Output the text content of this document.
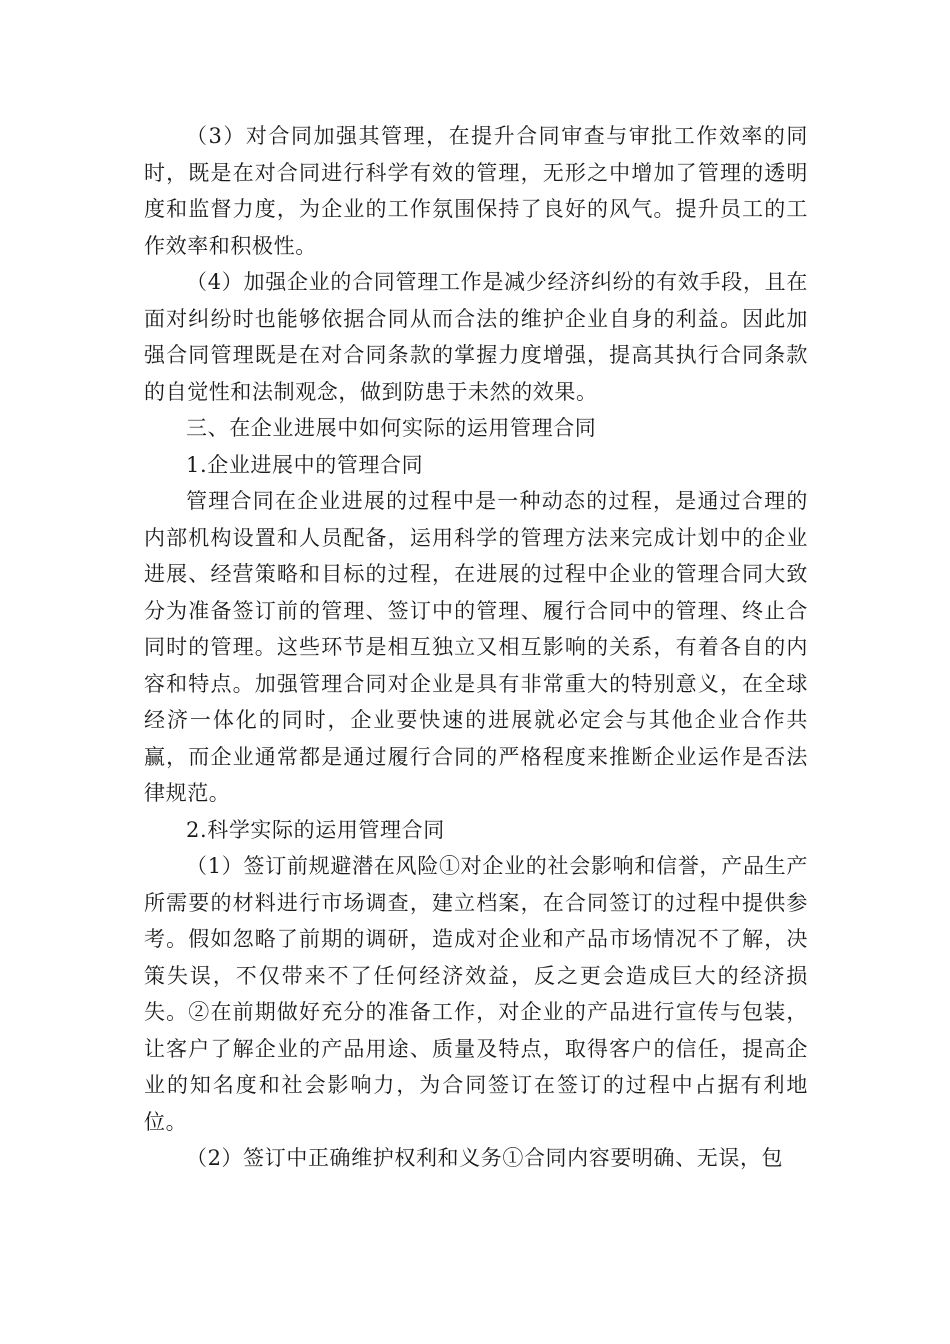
（3）对合同加强其管理，在提升合同审查与审批工作效率的同时，既是在对合同进行科学有效的管理，无形之中增加了管理的透明度和监督力度，为企业的工作氛围保持了良好的风气。提升员工的工作效率和积极性。

（4）加强企业的合同管理工作是减少经济纠纷的有效手段，且在面对纠纷时也能够依据合同从而合法的维护企业自身的利益。因此加强合同管理既是在对合同条款的掌握力度增强，提高其执行合同条款的自觉性和法制观念，做到防患于未然的效果。

三、在企业进展中如何实际的运用管理合同

1.企业进展中的管理合同

管理合同在企业进展的过程中是一种动态的过程，是通过合理的内部机构设置和人员配备，运用科学的管理方法来完成计划中的企业进展、经营策略和目标的过程，在进展的过程中企业的管理合同大致分为准备签订前的管理、签订中的管理、履行合同中的管理、终止合同时的管理。这些环节是相互独立又相互影响的关系，有着各自的内容和特点。加强管理合同对企业是具有非常重大的特别意义，在全球经济一体化的同时，企业要快速的进展就必定会与其他企业合作共赢，而企业通常都是通过履行合同的严格程度来推断企业运作是否法律规范。

2.科学实际的运用管理合同

（1）签订前规避潜在风险①对企业的社会影响和信誉，产品生产所需要的材料进行市场调查，建立档案，在合同签订的过程中提供参考。假如忽略了前期的调研，造成对企业和产品市场情况不了解，决策失误，不仅带来不了任何经济效益，反之更会造成巨大的经济损失。②在前期做好充分的准备工作，对企业的产品进行宣传与包装，让客户了解企业的产品用途、质量及特点，取得客户的信任，提高企业的知名度和社会影响力，为合同签订在签订的过程中占据有利地位。

（2）签订中正确维护权利和义务①合同内容要明确、无误，包
